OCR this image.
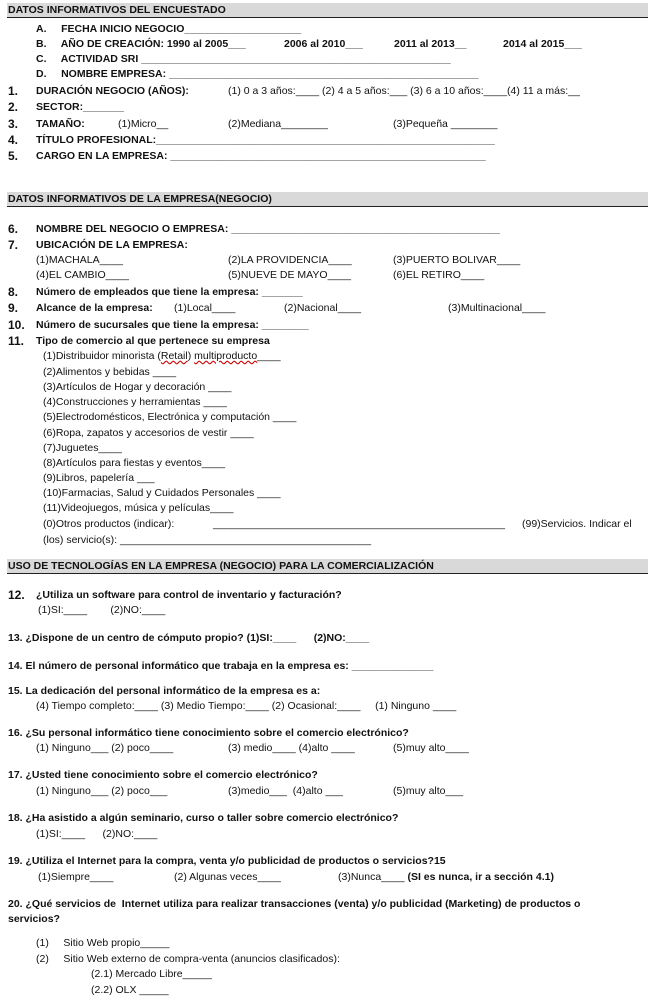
DATOS INFORMATIVOS DEL ENCUESTADO
A.     FECHA INICIO NEGOCIO____________________
B.     AÑO DE CREACIÓN: 1990 al 2005___	2006 al 2010___	2011 al 2013__	2014 al 2015___
C.     ACTIVIDAD SRI _____________________________________________________
D.     NOMBRE EMPRESA: _____________________________________________________
1. DURACIÓN NEGOCIO (AÑOS):	(1) 0 a 3 años:____ (2) 4 a 5 años:___ (3) 6 a 10 años:____(4) 11 a más:__
2. SECTOR:_______
3. TAMAÑO:	(1)Micro__	(2)Mediana________	(3)Pequeña ________
4. TÍTULO PROFESIONAL:__________________________________________________________
5. CARGO EN LA EMPRESA: ______________________________________________________
DATOS INFORMATIVOS DE LA EMPRESA(NEGOCIO)
6. NOMBRE DEL NEGOCIO O EMPRESA: ______________________________________________
7. UBICACIÓN DE LA EMPRESA:
(1)MACHALA____	(2)LA PROVIDENCIA____	(3)PUERTO BOLIVAR____
(4)EL CAMBIO____	(5)NUEVE DE MAYO____	(6)EL RETIRO____
8. Número de empleados que tiene la empresa: _______
9. Alcance de la empresa: (1)Local____	(2)Nacional____	(3)Multinacional____
10. Número de sucursales que tiene la empresa: ________
11. Tipo de comercio al que pertenece su empresa
(1)Distribuidor minorista (Retail) multiproducto____
(2)Alimentos y bebidas ____
(3)Artículos de Hogar y decoración ____
(4)Construcciones y herramientas ____
(5)Electrodomésticos, Electrónica y computación ____
(6)Ropa, zapatos y accesorios de vestir ____
(7)Juguetes____
(8)Artículos para fiestas y eventos____
(9)Libros, papelería ___
(10)Farmacias, Salud y Cuidados Personales ____
(11)Videojuegos, música y películas____
(0)Otros productos (indicar):	__________________________________________________ (99)Servicios. Indicar el
(los) servicio(s): ___________________________________________
USO DE TECNOLOGÍAS EN LA EMPRESA (NEGOCIO) PARA LA COMERCIALIZACIÓN
12. ¿Utiliza un software para control de inventario y facturación?
(1)SI:____        (2)NO:____
13. ¿Dispone de un centro de cómputo propio? (1)SI:____      (2)NO:____
14. El número de personal informático que trabaja en la empresa es: ______________
15. La dedicación del personal informático de la empresa es a:
(4) Tiempo completo:____ (3) Medio Tiempo:____ (2) Ocasional:____     (1) Ninguno ____
16. ¿Su personal informático tiene conocimiento sobre el comercio electrónico?
(1) Ninguno___ (2) poco____	(3) medio____ (4)alto ____	(5)muy alto____
17. ¿Usted tiene conocimiento sobre el comercio electrónico?
(1) Ninguno___ (2) poco___	(3)medio___  (4)alto ___	(5)muy alto___
18. ¿Ha asistido a algún seminario, curso o taller sobre comercio electrónico?
(1)SI:____      (2)NO:____
19. ¿Utiliza el Internet para la compra, venta y/o publicidad de productos o servicios?15
(1)Siempre____	(2) Algunas veces____	(3)Nunca____ (SI es nunca, ir a sección 4.1)
20. ¿Qué servicios de  Internet utiliza para realizar transacciones (venta) y/o publicidad (Marketing) de productos o
servicios?
(1)     Sitio Web propio_____
(2)     Sitio Web externo de compra-venta (anuncios clasificados):
(2.1) Mercado Libre_____
(2.2) OLX _____
